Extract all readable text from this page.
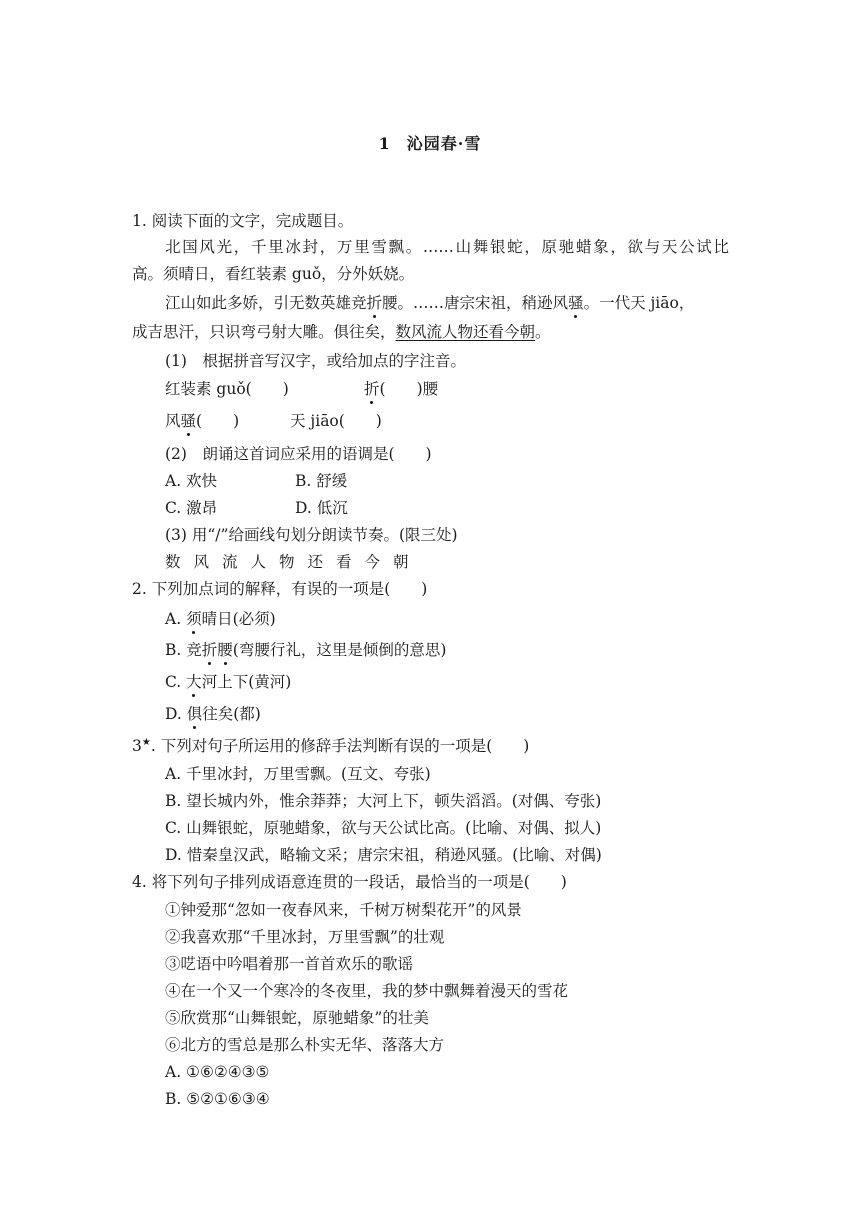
1 沁园春·雪
1. 阅读下面的文字，完成题目。
北国风光，千里冰封，万里雪飘。……山舞银蛇，原驰蜡象，欲与天公试比
高。须晴日，看红装素 guǒ，分外妖娆。
江山如此多娇，引无数英雄竞折腰。……唐宗宋祖，稍逊风骚。一代天 jiāo，
成吉思汗，只识弯弓射大雕。俱往矣，数风流人物还看今朝。
(1)　根据拼音写汉字，或给加点的字注音。
红装素 guǒ(　　)	折(　　)腰
风骚(　　)	天 jiāo(　　)
(2)　朗诵这首词应采用的语调是(　　)
A. 欢快	B. 舒缓
C. 激昂	D. 低沉
(3) 用“/”给画线句划分朗读节奏。(限三处)
数风流人物还看今朝
2. 下列加点词的解释，有误的一项是(　　)
A. 须晴日(必须)
B. 竞折腰(弯腰行礼，这里是倾倒的意思)
C. 大河上下(黄河)
D. 俱往矣(都)
3★. 下列对句子所运用的修辞手法判断有误的一项是(　　)
A. 千里冰封，万里雪飘。(互文、夸张)
B. 望长城内外，惟余莽莽；大河上下，顿失滔滔。(对偶、夸张)
C. 山舞银蛇，原驰蜡象，欲与天公试比高。(比喻、对偶、拟人)
D. 惜秦皇汉武，略输文采；唐宗宋祖，稍逊风骚。(比喻、对偶)
4. 将下列句子排列成语意连贯的一段话，最恰当的一项是(　　)
①钟爱那“忽如一夜春风来，千树万树梨花开”的风景
②我喜欢那“千里冰封，万里雪飘”的壮观
③呓语中吟唱着那一首首欢乐的歌谣
④在一个又一个寒冷的冬夜里，我的梦中飘舞着漫天的雪花
⑤欣赏那“山舞银蛇，原驰蜡象”的壮美
⑥北方的雪总是那么朴实无华、落落大方
A. ①⑥②④③⑤
B. ⑤②①⑥③④
